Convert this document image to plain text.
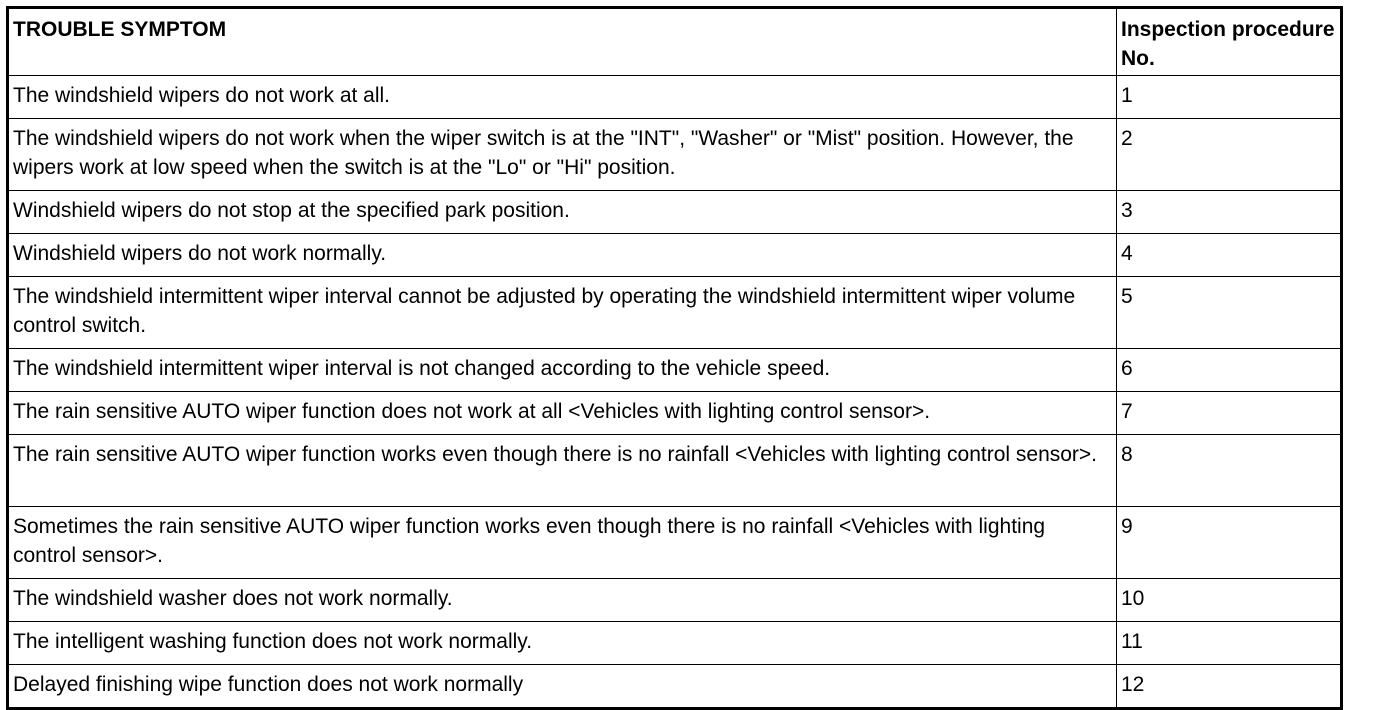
TROUBLE SYMPTOM	Inspection procedure No.
The windshield wipers do not work at all.	1
The windshield wipers do not work when the wiper switch is at the "INT", "Washer" or "Mist" position. However, the wipers work at low speed when the switch is at the "Lo" or "Hi" position.	2
Windshield wipers do not stop at the specified park position.	3
Windshield wipers do not work normally.	4
The windshield intermittent wiper interval cannot be adjusted by operating the windshield intermittent wiper volume control switch.	5
The windshield intermittent wiper interval is not changed according to the vehicle speed.	6
The rain sensitive AUTO wiper function does not work at all <Vehicles with lighting control sensor>.	7
The rain sensitive AUTO wiper function works even though there is no rainfall <Vehicles with lighting control sensor>.	8
Sometimes the rain sensitive AUTO wiper function works even though there is no rainfall <Vehicles with lighting control sensor>.	9
The windshield washer does not work normally.	10
The intelligent washing function does not work normally.	11
Delayed finishing wipe function does not work normally	12
